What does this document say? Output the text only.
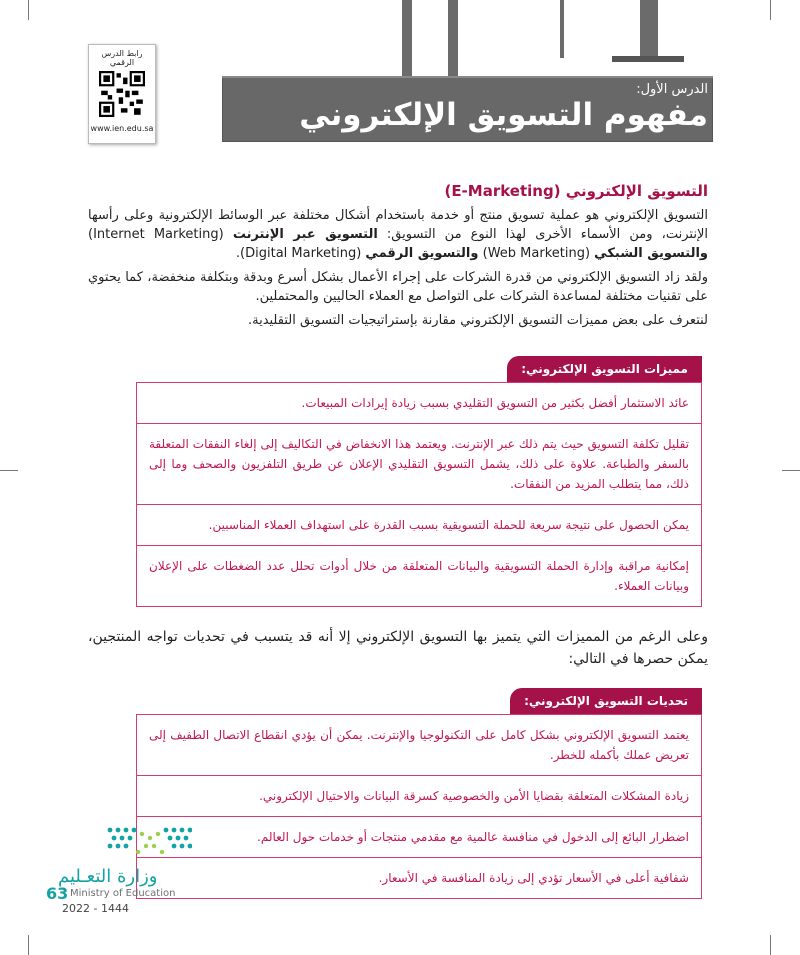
رابط الدرس الرقمي
www.ien.edu.sa
الدرس الأول:
مفهوم التسويق الإلكتروني
التسويق الإلكتروني (E-Marketing)
التسويق الإلكتروني هو عملية تسويق منتج أو خدمة باستخدام أشكال مختلفة عبر الوسائط الإلكترونية وعلى رأسها الإنترنت، ومن الأسماء الأخرى لهذا النوع من التسويق: التسويق عبر الإنترنت (Internet Marketing) والتسويق الشبكي (Web Marketing) والتسويق الرقمي (Digital Marketing).
ولقد زاد التسويق الإلكتروني من قدرة الشركات على إجراء الأعمال بشكل أسرع وبدقة وبتكلفة منخفضة، كما يحتوي على تقنيات مختلفة لمساعدة الشركات على التواصل مع العملاء الحاليين والمحتملين.
لنتعرف على بعض مميزات التسويق الإلكتروني مقارنة بإستراتيجيات التسويق التقليدية.
مميزات التسويق الإلكتروني:
عائد الاستثمار أفضل بكثير من التسويق التقليدي بسبب زيادة إيرادات المبيعات.
تقليل تكلفة التسويق حيث يتم ذلك عبر الإنترنت. ويعتمد هذا الانخفاض في التكاليف إلى إلغاء النفقات المتعلقة بالسفر والطباعة. علاوة على ذلك، يشمل التسويق التقليدي الإعلان عن طريق التلفزيون والصحف وما إلى ذلك، مما يتطلب المزيد من النفقات.
يمكن الحصول على نتيجة سريعة للحملة التسويقية بسبب القدرة على استهداف العملاء المناسبين.
إمكانية مراقبة وإدارة الحملة التسويقية والبيانات المتعلقة من خلال أدوات تحلل عدد الضغطات على الإعلان وبيانات العملاء.
وعلى الرغم من المميزات التي يتميز بها التسويق الإلكتروني إلا أنه قد يتسبب في تحديات تواجه المنتجين، يمكن حصرها في التالي:
تحديات التسويق الإلكتروني:
يعتمد التسويق الإلكتروني بشكل كامل على التكنولوجيا والإنترنت. يمكن أن يؤدي انقطاع الاتصال الطفيف إلى تعريض عملك بأكمله للخطر.
زيادة المشكلات المتعلقة بقضايا الأمن والخصوصية كسرقة البيانات والاحتيال الإلكتروني.
اضطرار البائع إلى الدخول في منافسة عالمية مع مقدمي منتجات أو خدمات حول العالم.
شفافية أعلى في الأسعار تؤدي إلى زيادة المنافسة في الأسعار.
وزارة التعـليم
Ministry of Education
63
2022 - 1444
